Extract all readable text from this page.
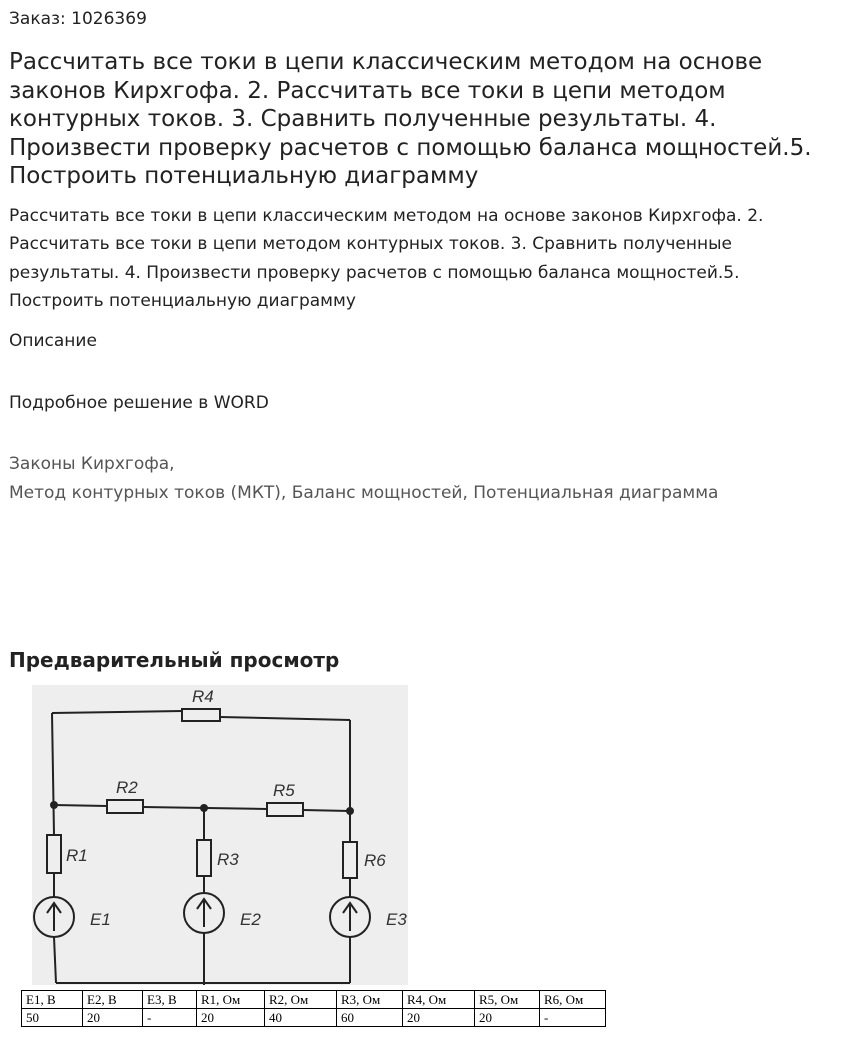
Заказ: 1026369
Рассчитать все токи в цепи классическим методом на основе законов Кирхгофа. 2. Рассчитать все токи в цепи методом контурных токов. 3. Сравнить полученные результаты. 4. Произвести проверку расчетов с помощью баланса мощностей.5. Построить потенциальную диаграмму

Рассчитать все токи в цепи классическим методом на основе законов Кирхгофа. 2. Рассчитать все токи в цепи методом контурных токов. 3. Сравнить полученные результаты. 4. Произвести проверку расчетов с помощью баланса мощностей.5. Построить потенциальную диаграмму

Описание
Подробное решение в WORD
Законы Кирхгофа,
Метод контурных токов (МКТ), Баланс мощностей, Потенциальная диаграмма
Предварительный просмотр
R4
R2	R5
R1	R3	R6
E1	E2	E3
E1, В	E2, В	E3, В	R1, Ом	R2, Ом	R3, Ом	R4, Ом	R5, Ом	R6, Ом
50	20	-	20	40	60	20	20	-
